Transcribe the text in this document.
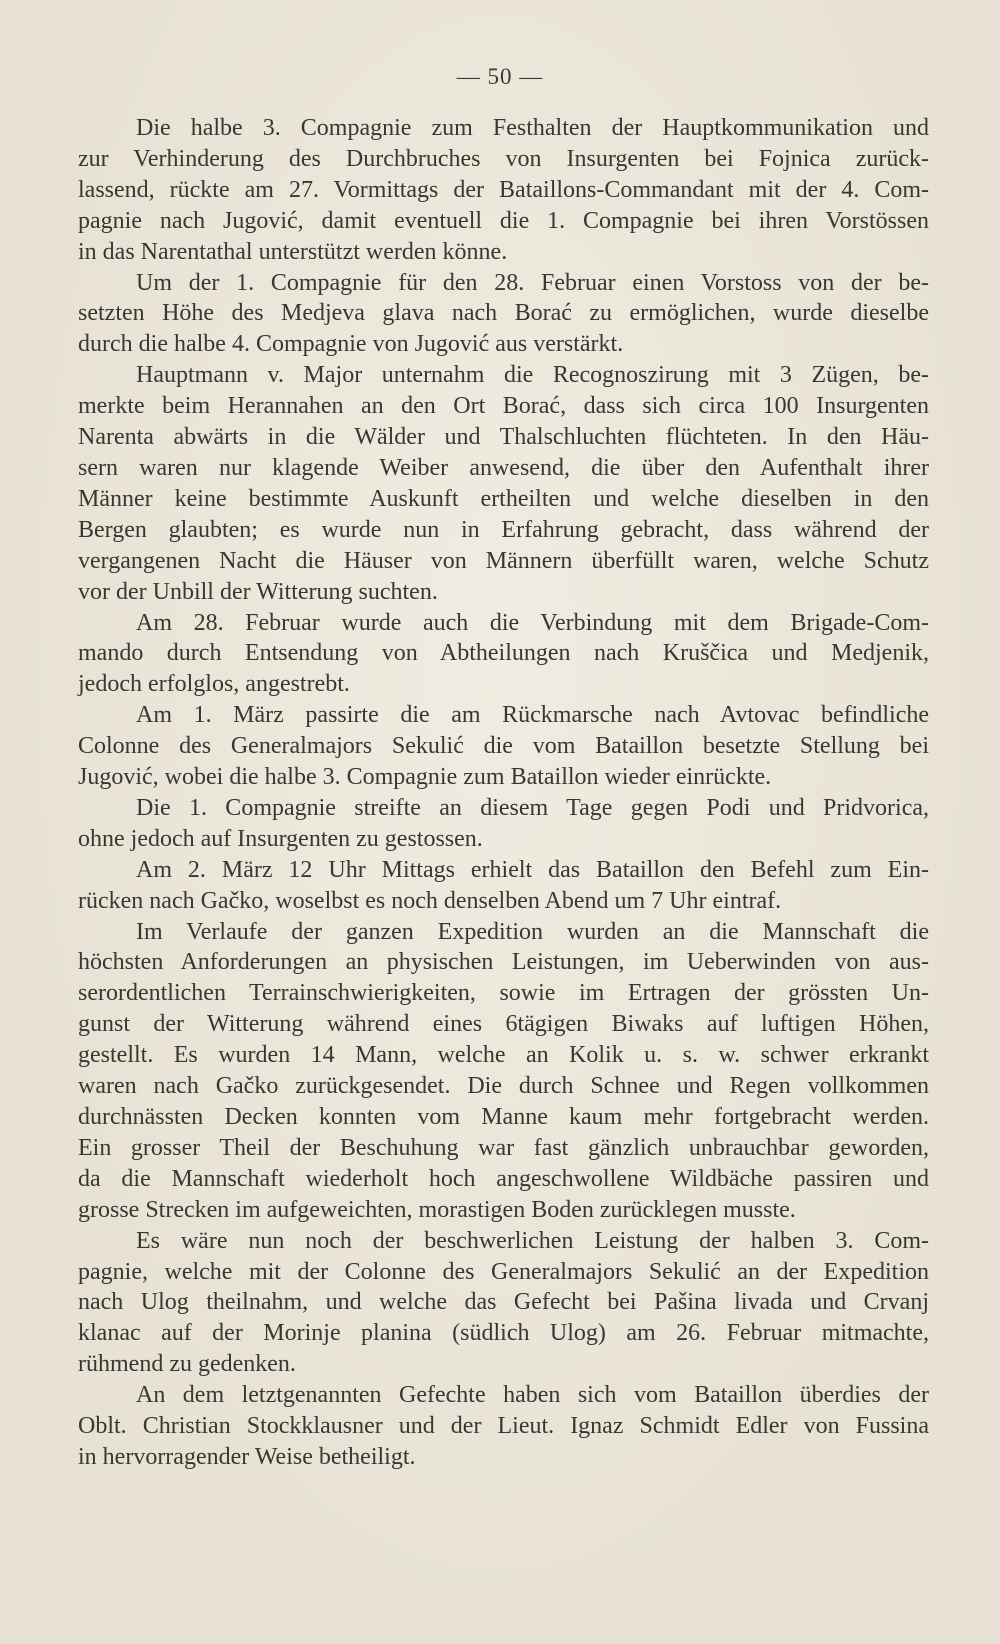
— 50 —
Die halbe 3. Compagnie zum Festhalten der Hauptkommunikation und
zur Verhinderung des Durchbruches von Insurgenten bei Fojnica zurück-
lassend, rückte am 27. Vormittags der Bataillons-Commandant mit der 4. Com-
pagnie nach Jugović, damit eventuell die 1. Compagnie bei ihren Vorstössen
in das Narentathal unterstützt werden könne.
Um der 1. Compagnie für den 28. Februar einen Vorstoss von der be-
setzten Höhe des Medjeva glava nach Borać zu ermöglichen, wurde dieselbe
durch die halbe 4. Compagnie von Jugović aus verstärkt.
Hauptmann v. Major unternahm die Recognoszirung mit 3 Zügen, be-
merkte beim Herannahen an den Ort Borać, dass sich circa 100 Insurgenten
Narenta abwärts in die Wälder und Thalschluchten flüchteten. In den Häu-
sern waren nur klagende Weiber anwesend, die über den Aufenthalt ihrer
Männer keine bestimmte Auskunft ertheilten und welche dieselben in den
Bergen glaubten; es wurde nun in Erfahrung gebracht, dass während der
vergangenen Nacht die Häuser von Männern überfüllt waren, welche Schutz
vor der Unbill der Witterung suchten.
Am 28. Februar wurde auch die Verbindung mit dem Brigade-Com-
mando durch Entsendung von Abtheilungen nach Kruščica und Medjenik,
jedoch erfolglos, angestrebt.
Am 1. März passirte die am Rückmarsche nach Avtovac befindliche
Colonne des Generalmajors Sekulić die vom Bataillon besetzte Stellung bei
Jugović, wobei die halbe 3. Compagnie zum Bataillon wieder einrückte.
Die 1. Compagnie streifte an diesem Tage gegen Podi und Pridvorica,
ohne jedoch auf Insurgenten zu gestossen.
Am 2. März 12 Uhr Mittags erhielt das Bataillon den Befehl zum Ein-
rücken nach Gačko, woselbst es noch denselben Abend um 7 Uhr eintraf.
Im Verlaufe der ganzen Expedition wurden an die Mannschaft die
höchsten Anforderungen an physischen Leistungen, im Ueberwinden von aus-
serordentlichen Terrainschwierigkeiten, sowie im Ertragen der grössten Un-
gunst der Witterung während eines 6tägigen Biwaks auf luftigen Höhen,
gestellt. Es wurden 14 Mann, welche an Kolik u. s. w. schwer erkrankt
waren nach Gačko zurückgesendet. Die durch Schnee und Regen vollkommen
durchnässten Decken konnten vom Manne kaum mehr fortgebracht werden.
Ein grosser Theil der Beschuhung war fast gänzlich unbrauchbar geworden,
da die Mannschaft wiederholt hoch angeschwollene Wildbäche passiren und
grosse Strecken im aufgeweichten, morastigen Boden zurücklegen musste.
Es wäre nun noch der beschwerlichen Leistung der halben 3. Com-
pagnie, welche mit der Colonne des Generalmajors Sekulić an der Expedition
nach Ulog theilnahm, und welche das Gefecht bei Pašina livada und Crvanj
klanac auf der Morinje planina (südlich Ulog) am 26. Februar mitmachte,
rühmend zu gedenken.
An dem letztgenannten Gefechte haben sich vom Bataillon überdies der
Oblt. Christian Stockklausner und der Lieut. Ignaz Schmidt Edler von Fussina
in hervorragender Weise betheiligt.
